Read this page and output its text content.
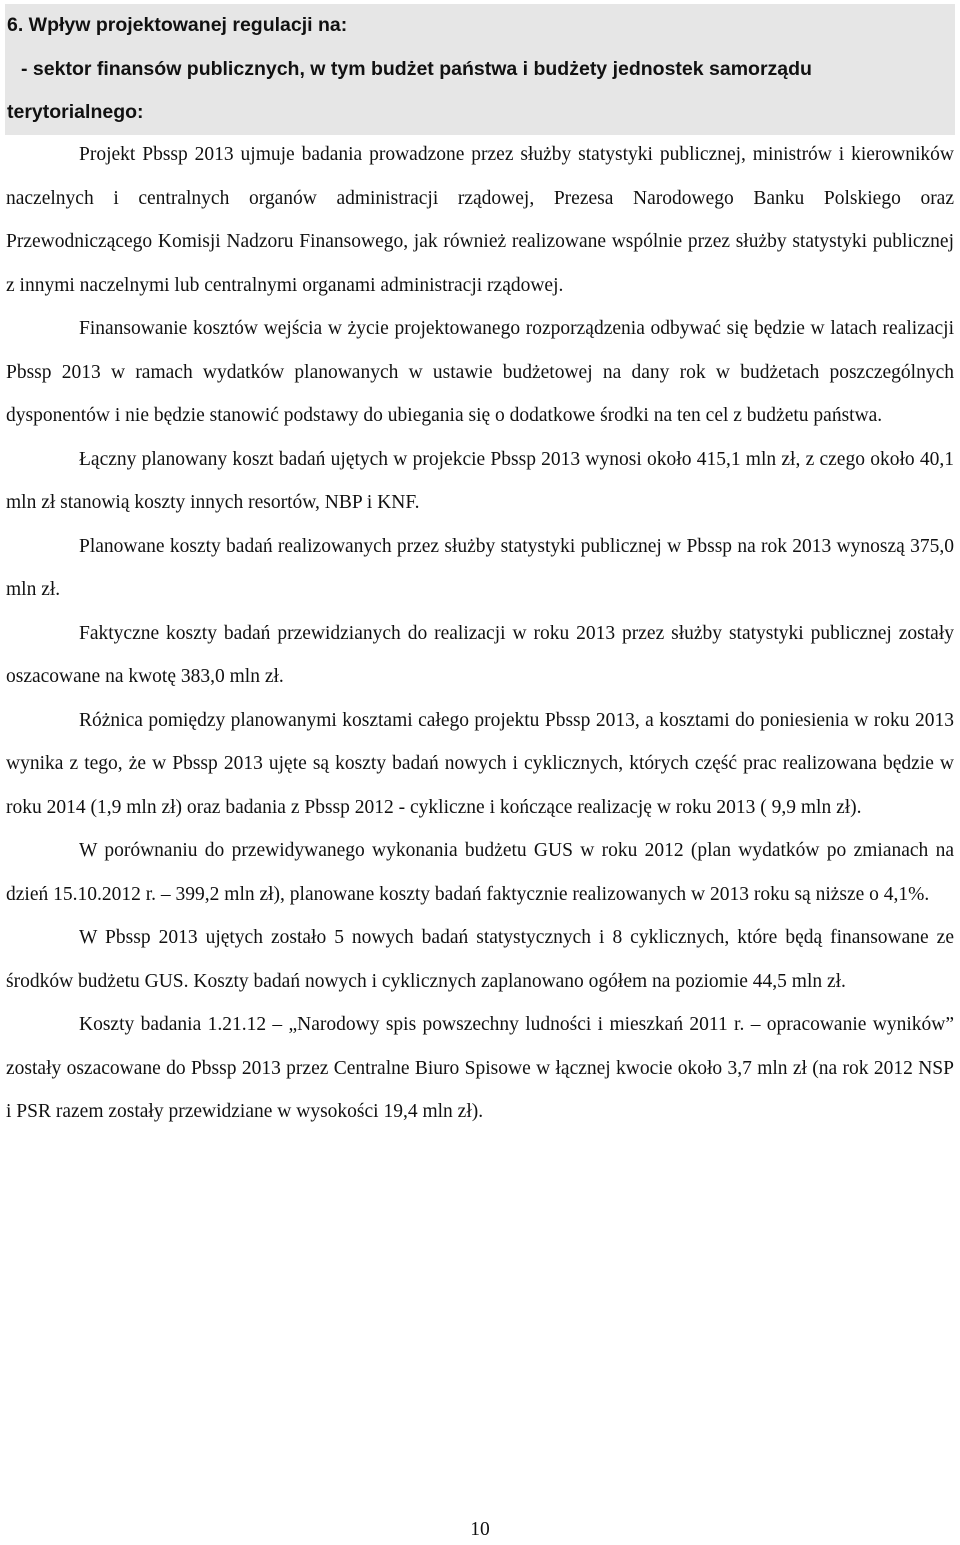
6. Wpływ projektowanej regulacji na:
- sektor finansów publicznych, w tym budżet państwa i budżety jednostek samorządu
terytorialnego:

Projekt Pbssp 2013 ujmuje badania prowadzone przez służby statystyki publicznej, ministrów i kierowników naczelnych i centralnych organów administracji rządowej, Prezesa Narodowego Banku Polskiego oraz Przewodniczącego Komisji Nadzoru Finansowego, jak również realizowane wspólnie przez służby statystyki publicznej z innymi naczelnymi lub centralnymi organami administracji rządowej.

Finansowanie kosztów wejścia w życie projektowanego rozporządzenia odbywać się będzie w latach realizacji Pbssp 2013 w ramach wydatków planowanych w ustawie budżetowej na dany rok w budżetach poszczególnych dysponentów i nie będzie stanowić podstawy do ubiegania się o dodatkowe środki na ten cel z budżetu państwa.

Łączny planowany koszt badań ujętych w projekcie Pbssp 2013 wynosi około 415,1 mln zł, z czego około 40,1 mln zł stanowią koszty innych resortów, NBP i KNF.

Planowane koszty badań realizowanych przez służby statystyki publicznej w Pbssp na rok 2013 wynoszą 375,0 mln zł.

Faktyczne koszty badań przewidzianych do realizacji w roku 2013 przez służby statystyki publicznej zostały oszacowane na kwotę 383,0 mln zł.

Różnica pomiędzy planowanymi kosztami całego projektu Pbssp 2013, a kosztami do poniesienia w roku 2013 wynika z tego, że w Pbssp 2013 ujęte są koszty badań nowych i cyklicznych, których część prac realizowana będzie w roku 2014 (1,9 mln zł) oraz badania z Pbssp 2012 - cykliczne i kończące realizację w roku 2013 ( 9,9 mln zł).

W porównaniu do przewidywanego wykonania budżetu GUS w roku 2012 (plan wydatków po zmianach na dzień 15.10.2012 r. – 399,2 mln zł), planowane koszty badań faktycznie realizowanych w 2013 roku są niższe o 4,1%.

W Pbssp 2013 ujętych zostało 5 nowych badań statystycznych i 8 cyklicznych, które będą finansowane ze środków budżetu GUS. Koszty badań nowych i cyklicznych zaplanowano ogółem na poziomie 44,5 mln zł.

Koszty badania 1.21.12 – „Narodowy spis powszechny ludności i mieszkań 2011 r. – opracowanie wyników” zostały oszacowane do Pbssp 2013 przez Centralne Biuro Spisowe w łącznej kwocie około 3,7 mln zł (na rok 2012 NSP i PSR razem zostały przewidziane w wysokości 19,4 mln zł).

10
